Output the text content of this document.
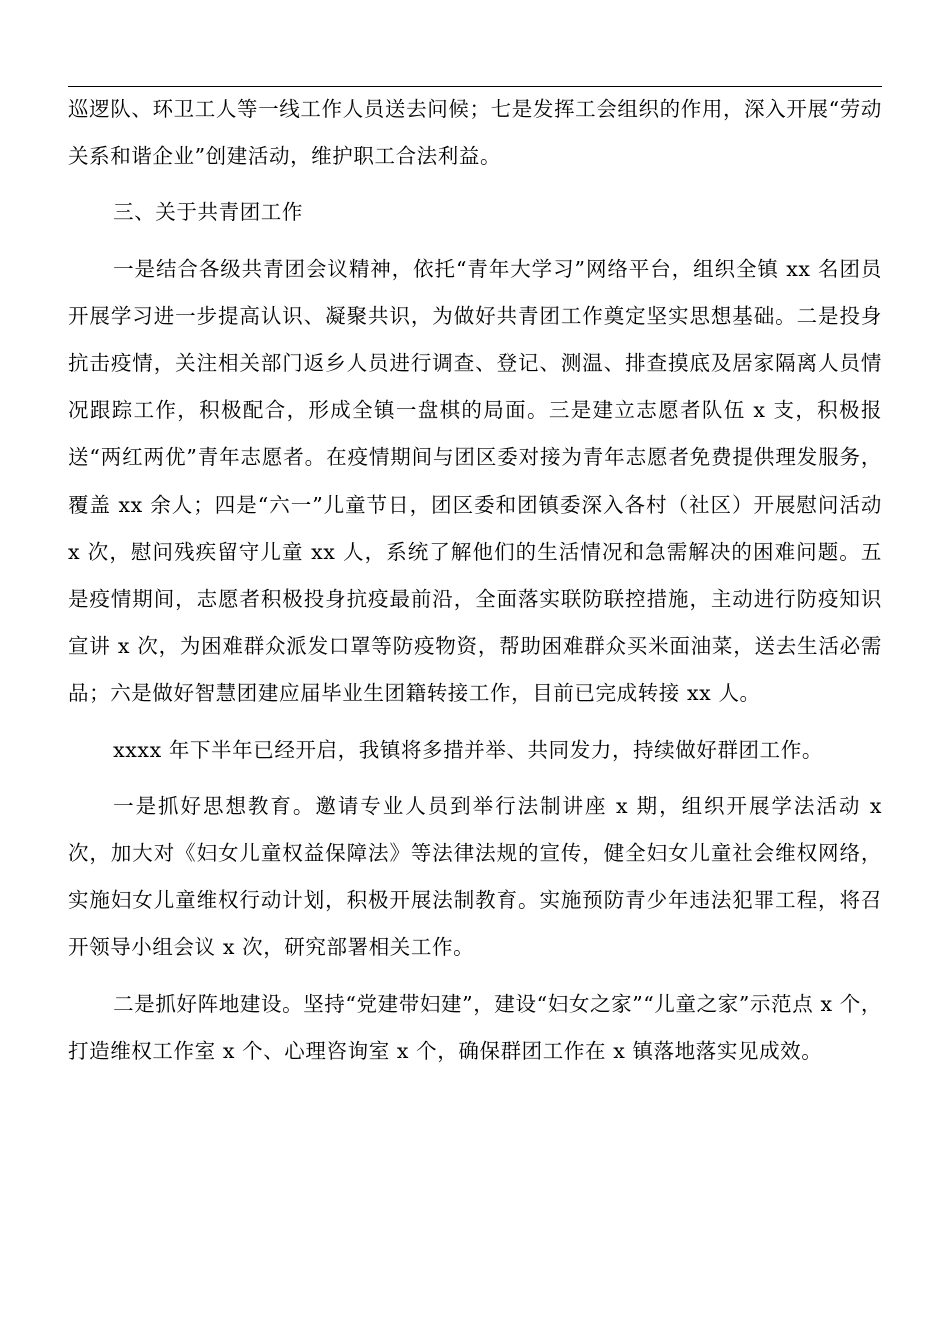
巡逻队、环卫工人等一线工作人员送去问候；七是发挥工会组织的作用，深入开展“劳动关系和谐企业”创建活动，维护职工合法利益。

三、关于共青团工作

一是结合各级共青团会议精神，依托“青年大学习”网络平台，组织全镇 xx 名团员开展学习进一步提高认识、凝聚共识，为做好共青团工作奠定坚实思想基础。二是投身抗击疫情，关注相关部门返乡人员进行调查、登记、测温、排查摸底及居家隔离人员情况跟踪工作，积极配合，形成全镇一盘棋的局面。三是建立志愿者队伍 x 支，积极报送“两红两优”青年志愿者。在疫情期间与团区委对接为青年志愿者免费提供理发服务，覆盖 xx 余人；四是“六一”儿童节日，团区委和团镇委深入各村（社区）开展慰问活动 x 次，慰问残疾留守儿童 xx 人，系统了解他们的生活情况和急需解决的困难问题。五是疫情期间，志愿者积极投身抗疫最前沿，全面落实联防联控措施，主动进行防疫知识宣讲 x 次，为困难群众派发口罩等防疫物资，帮助困难群众买米面油菜，送去生活必需品；六是做好智慧团建应届毕业生团籍转接工作，目前已完成转接 xx 人。

xxxx 年下半年已经开启，我镇将多措并举、共同发力，持续做好群团工作。

一是抓好思想教育。邀请专业人员到举行法制讲座 x 期，组织开展学法活动 x 次，加大对《妇女儿童权益保障法》等法律法规的宣传，健全妇女儿童社会维权网络，实施妇女儿童维权行动计划，积极开展法制教育。实施预防青少年违法犯罪工程，将召开领导小组会议 x 次，研究部署相关工作。

二是抓好阵地建设。坚持“党建带妇建”，建设“妇女之家”“儿童之家”示范点 x 个，打造维权工作室 x 个、心理咨询室 x 个，确保群团工作在 x 镇落地落实见成效。
